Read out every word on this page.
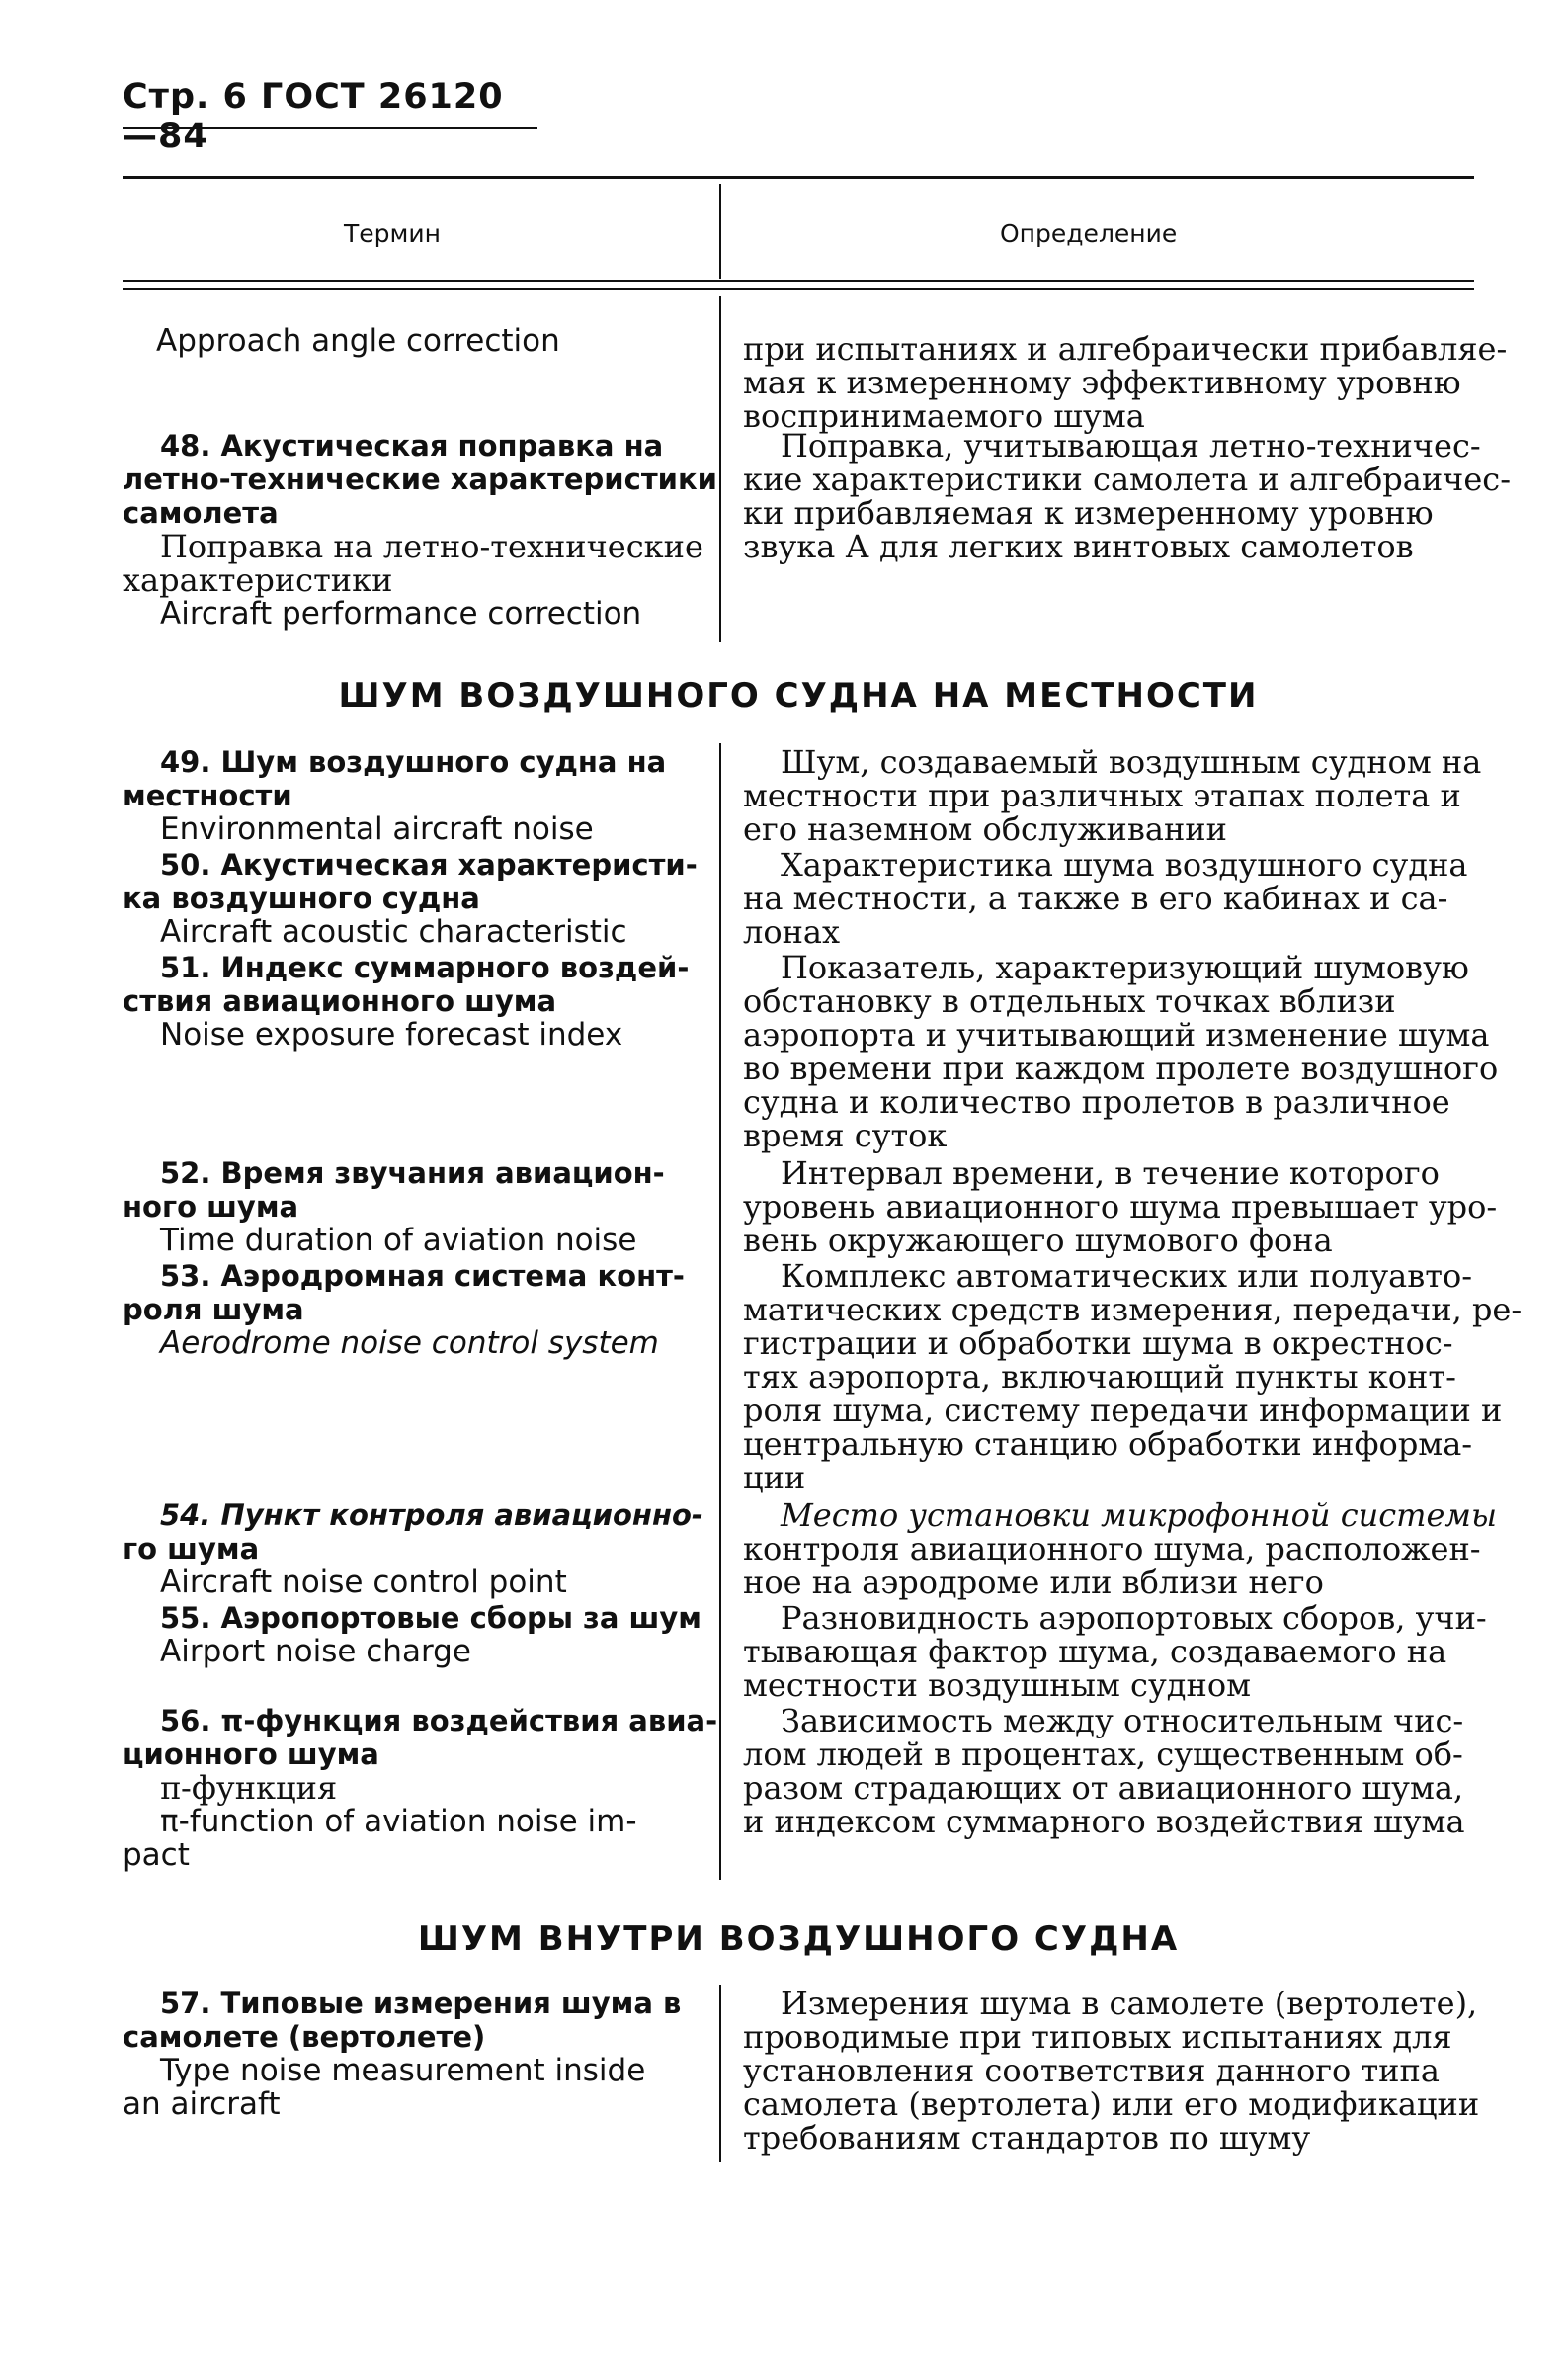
Стр. 6 ГОСТ 26120—84
Термин	Определение
Approach angle correction	при испытаниях и алгебраически прибавляе-
мая к измеренному эффективному уровню
воспринимаемого шума
48. Акустическая поправка на
летно-технические характеристики
самолета
Поправка на летно-технические
характеристики
Aircraft performance correction
Поправка, учитывающая летно-техничес-
кие характеристики самолета и алгебраичес-
ки прибавляемая к измеренному уровню
звука А для легких винтовых самолетов
ШУМ ВОЗДУШНОГО СУДНА НА МЕСТНОСТИ
49. Шум воздушного судна на
местности
Environmental aircraft noise
Шум, создаваемый воздушным судном на
местности при различных этапах полета и
его наземном обслуживании
50. Акустическая характеристи-
ка воздушного судна
Aircraft acoustic characteristic
Характеристика шума воздушного судна
на местности, а также в его кабинах и са-
лонах
51. Индекс суммарного воздей-
ствия авиационного шума
Noise exposure forecast index
Показатель, характеризующий шумовую
обстановку в отдельных точках вблизи
аэропорта и учитывающий изменение шума
во времени при каждом пролете воздушного
судна и количество пролетов в различное
время суток
52. Время звучания авиацион-
ного шума
Time duration of aviation noise
Интервал времени, в течение которого
уровень авиационного шума превышает уро-
вень окружающего шумового фона
53. Аэродромная система конт-
роля шума
Aerodrome noise control system
Комплекс автоматических или полуавто-
матических средств измерения, передачи, ре-
гистрации и обработки шума в окрестнос-
тях аэропорта, включающий пункты конт-
роля шума, систему передачи информации и
центральную станцию обработки информа-
ции
54. Пункт контроля авиационно-
го шума
Aircraft noise control point
Место установки микрофонной системы
контроля авиационного шума, расположен-
ное на аэродроме или вблизи него
55. Аэропортовые сборы за шум
Airport noise charge
Разновидность аэропортовых сборов, учи-
тывающая фактор шума, создаваемого на
местности воздушным судном
56. π-функция воздействия авиа-
ционного шума
π-функция
π-function of aviation noise im-
pact
Зависимость между относительным чис-
лом людей в процентах, существенным об-
разом страдающих от авиационного шума,
и индексом суммарного воздействия шума
ШУМ ВНУТРИ ВОЗДУШНОГО СУДНА
57. Типовые измерения шума в
самолете (вертолете)
Type noise measurement inside
an aircraft
Измерения шума в самолете (вертолете),
проводимые при типовых испытаниях для
установления соответствия данного типа
самолета (вертолета) или его модификации
требованиям стандартов по шуму
